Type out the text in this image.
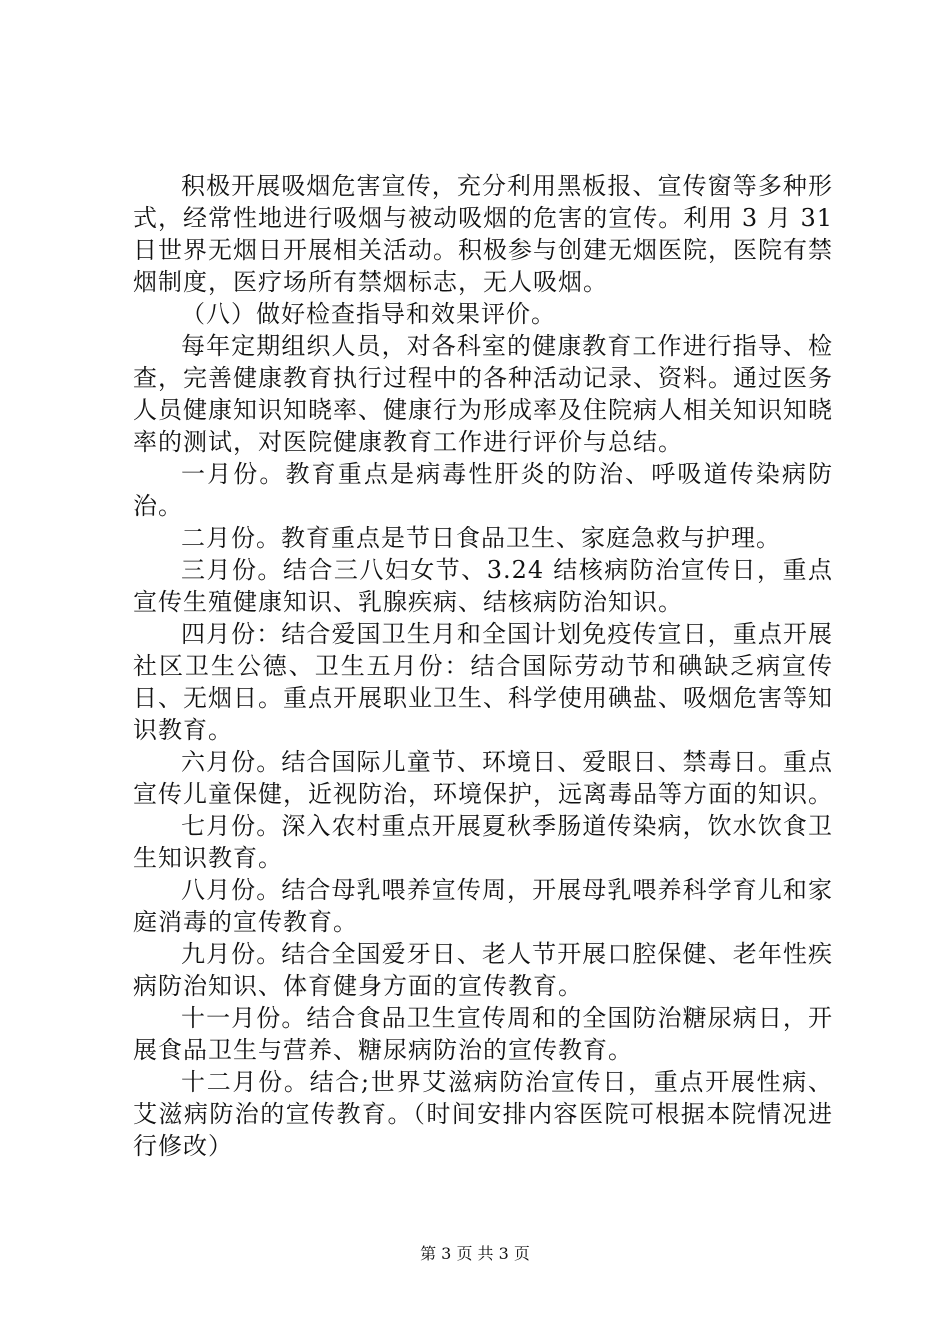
积极开展吸烟危害宣传，充分利用黑板报、宣传窗等多种形式，经常性地进行吸烟与被动吸烟的危害的宣传。利用 3 月 31 日世界无烟日开展相关活动。积极参与创建无烟医院，医院有禁烟制度，医疗场所有禁烟标志，无人吸烟。

（八）做好检查指导和效果评价。

每年定期组织人员，对各科室的健康教育工作进行指导、检查，完善健康教育执行过程中的各种活动记录、资料。通过医务人员健康知识知晓率、健康行为形成率及住院病人相关知识知晓率的测试，对医院健康教育工作进行评价与总结。

一月份。教育重点是病毒性肝炎的防治、呼吸道传染病防治。

二月份。教育重点是节日食品卫生、家庭急救与护理。

三月份。结合三八妇女节、3.24 结核病防治宣传日，重点宣传生殖健康知识、乳腺疾病、结核病防治知识。

四月份：结合爱国卫生月和全国计划免疫传宣日，重点开展社区卫生公德、卫生五月份：结合国际劳动节和碘缺乏病宣传日、无烟日。重点开展职业卫生、科学使用碘盐、吸烟危害等知识教育。

六月份。结合国际儿童节、环境日、爱眼日、禁毒日。重点宣传儿童保健，近视防治，环境保护，远离毒品等方面的知识。

七月份。深入农村重点开展夏秋季肠道传染病，饮水饮食卫生知识教育。

八月份。结合母乳喂养宣传周，开展母乳喂养科学育儿和家庭消毒的宣传教育。

九月份。结合全国爱牙日、老人节开展口腔保健、老年性疾病防治知识、体育健身方面的宣传教育。

十一月份。结合食品卫生宣传周和的全国防治糖尿病日，开展食品卫生与营养、糖尿病防治的宣传教育。

十二月份。结合;世界艾滋病防治宣传日，重点开展性病、艾滋病防治的宣传教育。（时间安排内容医院可根据本院情况进行修改）

第 3 页 共 3 页
